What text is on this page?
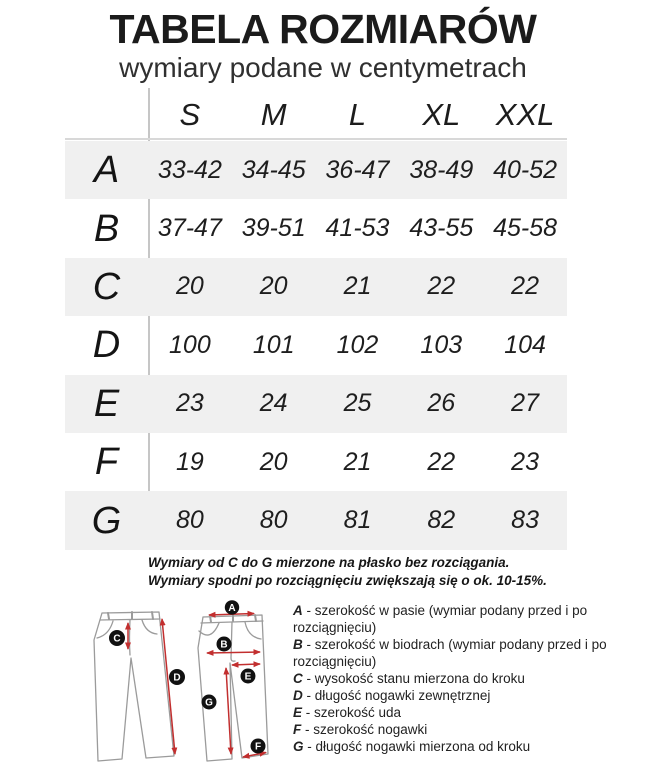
TABELA ROZMIARÓW
wymiary podane w centymetrach
S	M	L	XL	XXL
A	33-42 34-45 36-47 38-49 40-52
B	37-47 39-51 41-53 43-55 45-58
C	20	20	21	22	22
D	100	101	102	103	104
E	23	24	25	26	27
F	19	20	21	22	23
G	80	80	81	82	83
Wymiary od C do G mierzone na płasko bez rozciągania.
Wymiary spodni po rozciągnięciu zwiększają się o ok. 10-15%.
C
D
A
B
E
G
F
A - szerokość w pasie (wymiar podany przed i po rozciągnięciu)
B - szerokość w biodrach (wymiar podany przed i po rozciągnięciu)
C - wysokość stanu mierzona do kroku
D - długość nogawki zewnętrznej
E - szerokość uda
F - szerokość nogawki
G - długość nogawki mierzona od kroku
